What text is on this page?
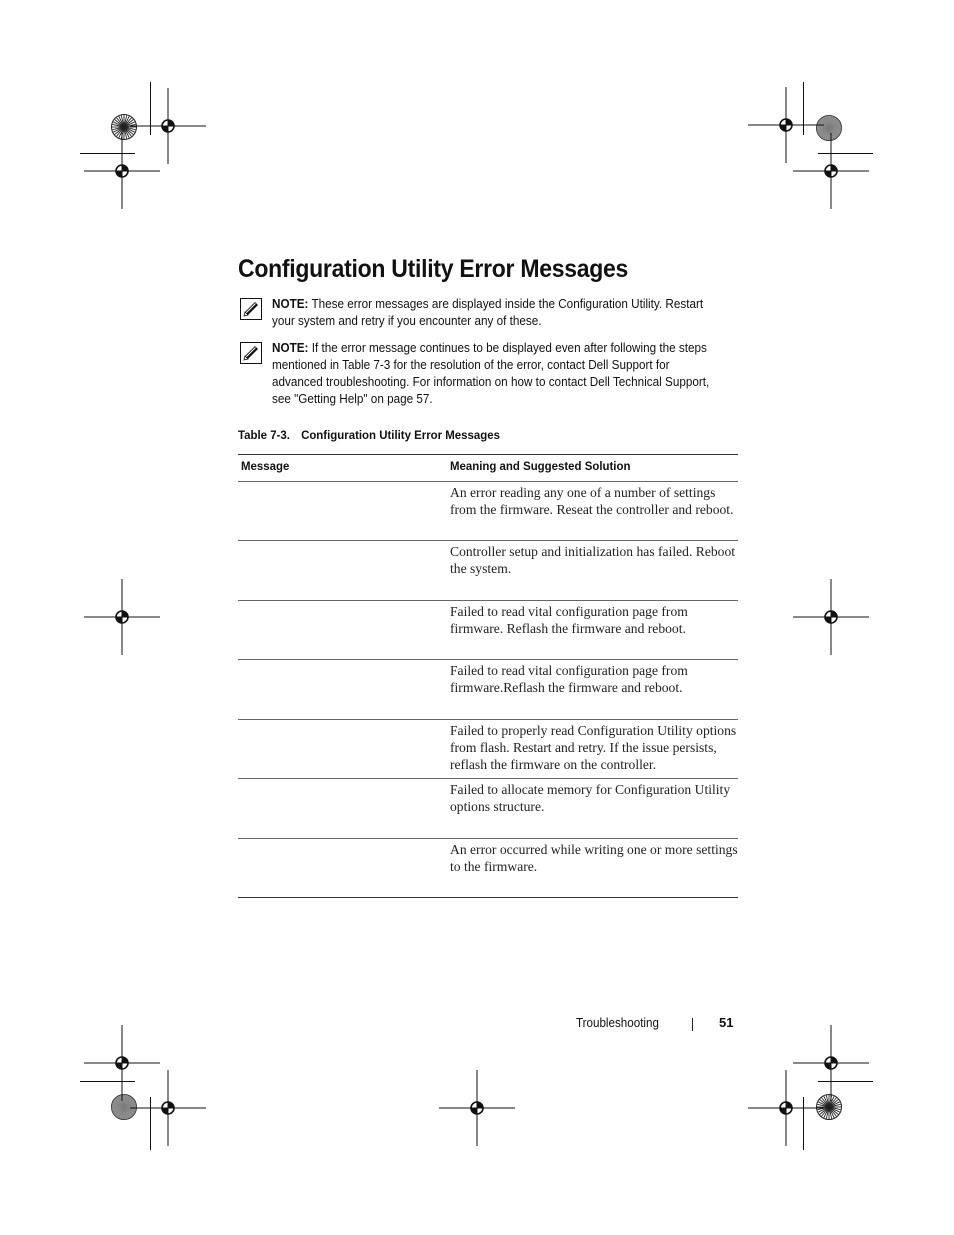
Configuration Utility Error Messages
NOTE: These error messages are displayed inside the Configuration Utility. Restart your system and retry if you encounter any of these.
NOTE: If the error message continues to be displayed even after following the steps mentioned in Table 7-3 for the resolution of the error, contact Dell Support for advanced troubleshooting. For information on how to contact Dell Technical Support, see "Getting Help" on page 57.
Table 7-3. Configuration Utility Error Messages
Message	Meaning and Suggested Solution
An error reading any one of a number of settings from the firmware. Reseat the controller and reboot.
Controller setup and initialization has failed. Reboot the system.
Failed to read vital configuration page from firmware. Reflash the firmware and reboot.
Failed to read vital configuration page from firmware.Reflash the firmware and reboot.
Failed to properly read Configuration Utility options from flash. Restart and retry. If the issue persists, reflash the firmware on the controller.
Failed to allocate memory for Configuration Utility options structure.
An error occurred while writing one or more settings to the firmware.
Troubleshooting	51
